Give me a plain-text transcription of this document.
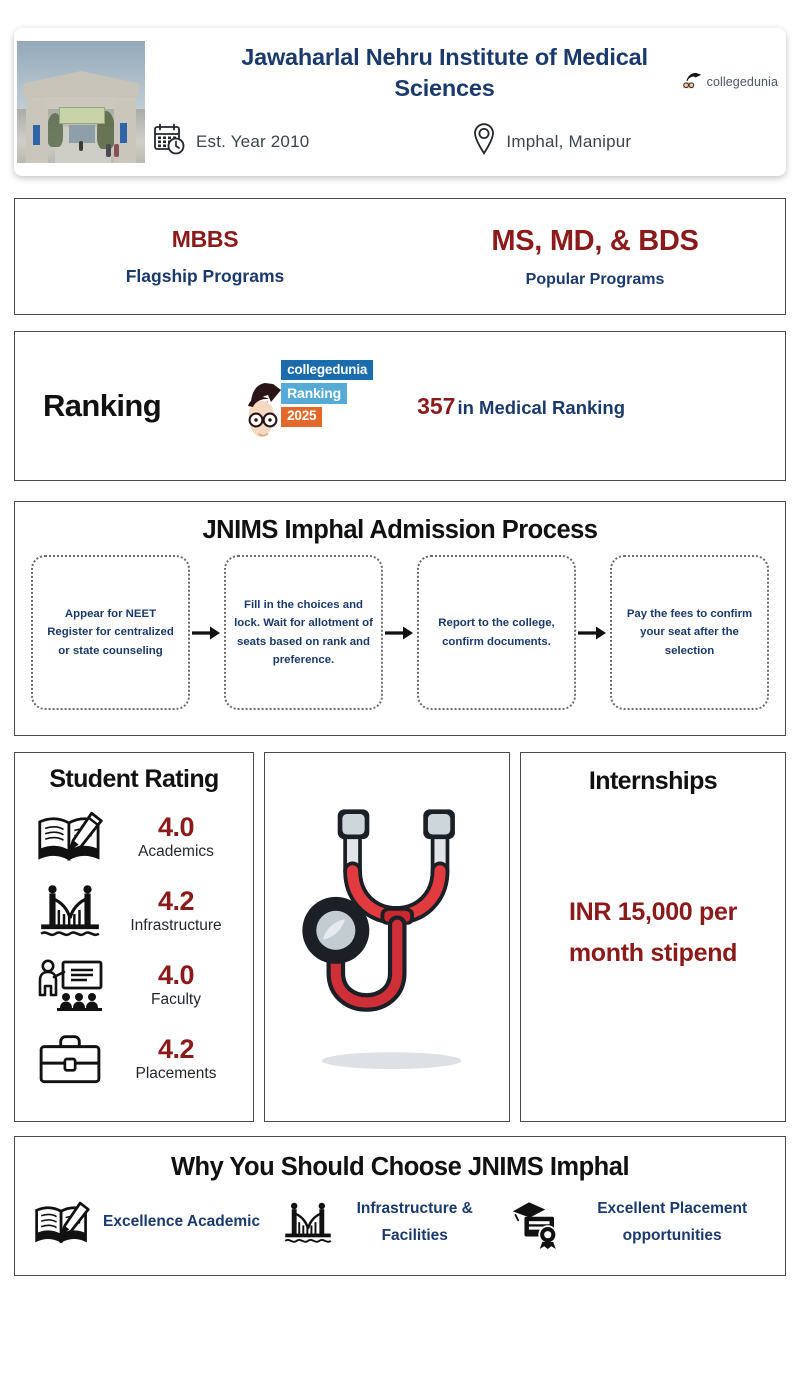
Jawaharlal Nehru Institute of Medical Sciences	collegedunia
Est. Year 2010	Imphal, Manipur
MBBS
Flagship Programs
MS, MD, & BDS
Popular Programs
Ranking
collegedunia
Ranking
2025	357 in Medical Ranking
JNIMS Imphal Admission Process

Appear for NEET Register for centralized or state counseling

Fill in the choices and lock. Wait for allotment of seats based on rank and preference.

Report to the college, confirm documents.

Pay the fees to confirm your seat after the selection

Student Rating
4.0
Academics
4.2
Infrastructure
4.0
Faculty
4.2
Placements
Internships
INR 15,000 per month stipend
Why You Should Choose JNIMS Imphal
Excellence Academic
Infrastructure & Facilities
Excellent Placement opportunities
